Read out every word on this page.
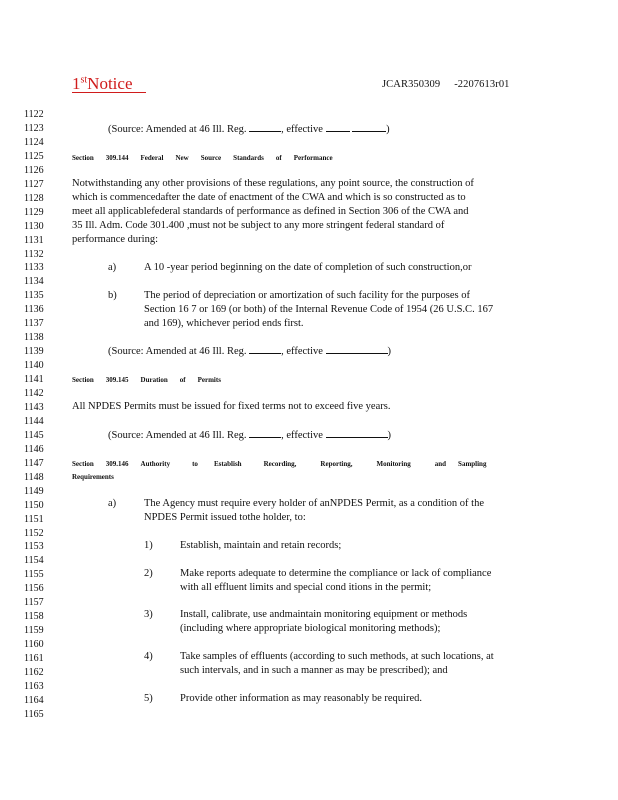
1stNotice	JCAR350309 -2207613r01
1122
1123
1124
1125
1126
1127
1128
1129
1130
1131
1132
1133
1134
1135
1136
1137
1138
1139
1140
1141
1142
1143
1144
1145
1146
1147
1148
1149
1150
1151
1152
1153
1154
1155
1156
1157
1158
1159
1160
1161
1162
1163
1164
1165
(Source: Amended at 46 Ill. Reg.	, effective	)
Section 309.144 Federal New Source Standards of Performance
Notwithstanding any other provisions of these regulations, any point source, the construction of
which is commencedafter the date of enactment of the CWA and which is so constructed as to
meet all applicablefederal standards of performance as defined in Section 306 of the CWA and
35 Ill. Adm. Code 301.400 ,must not be subject to any more stringent federal standard of
performance during:
a)	A 10 -year period beginning on the date of completion of such construction,or
b)	The period of depreciation or amortization of such facility for the purposes of
Section 16 7 or 169 (or both) of the Internal Revenue Code of 1954 (26 U.S.C. 167
and 169), whichever period ends first.
(Source: Amended at 46 Ill. Reg.	, effective	)
Section 309.145 Duration of Permits
All NPDES Permits must be issued for fixed terms not to exceed five years.
(Source: Amended at 46 Ill. Reg.	, effective	)
Section 309.146 Authority	to Establish	Recording,	Reporting,	Monitoring	and Sampling
Requirements
a)	The Agency must require every holder of anNPDES Permit, as a condition of the
NPDES Permit issued tothe holder, to:
1)	Establish, maintain and retain records;
2)	Make reports adequate to determine the compliance or lack of compliance
with all effluent limits and special cond itions in the permit;
3)	Install, calibrate, use andmaintain monitoring equipment or methods
(including where appropriate biological monitoring methods);
4)	Take samples of effluents (according to such methods, at such locations, at
such intervals, and in such a manner as may be prescribed); and
5)	Provide other information as may reasonably be required.
